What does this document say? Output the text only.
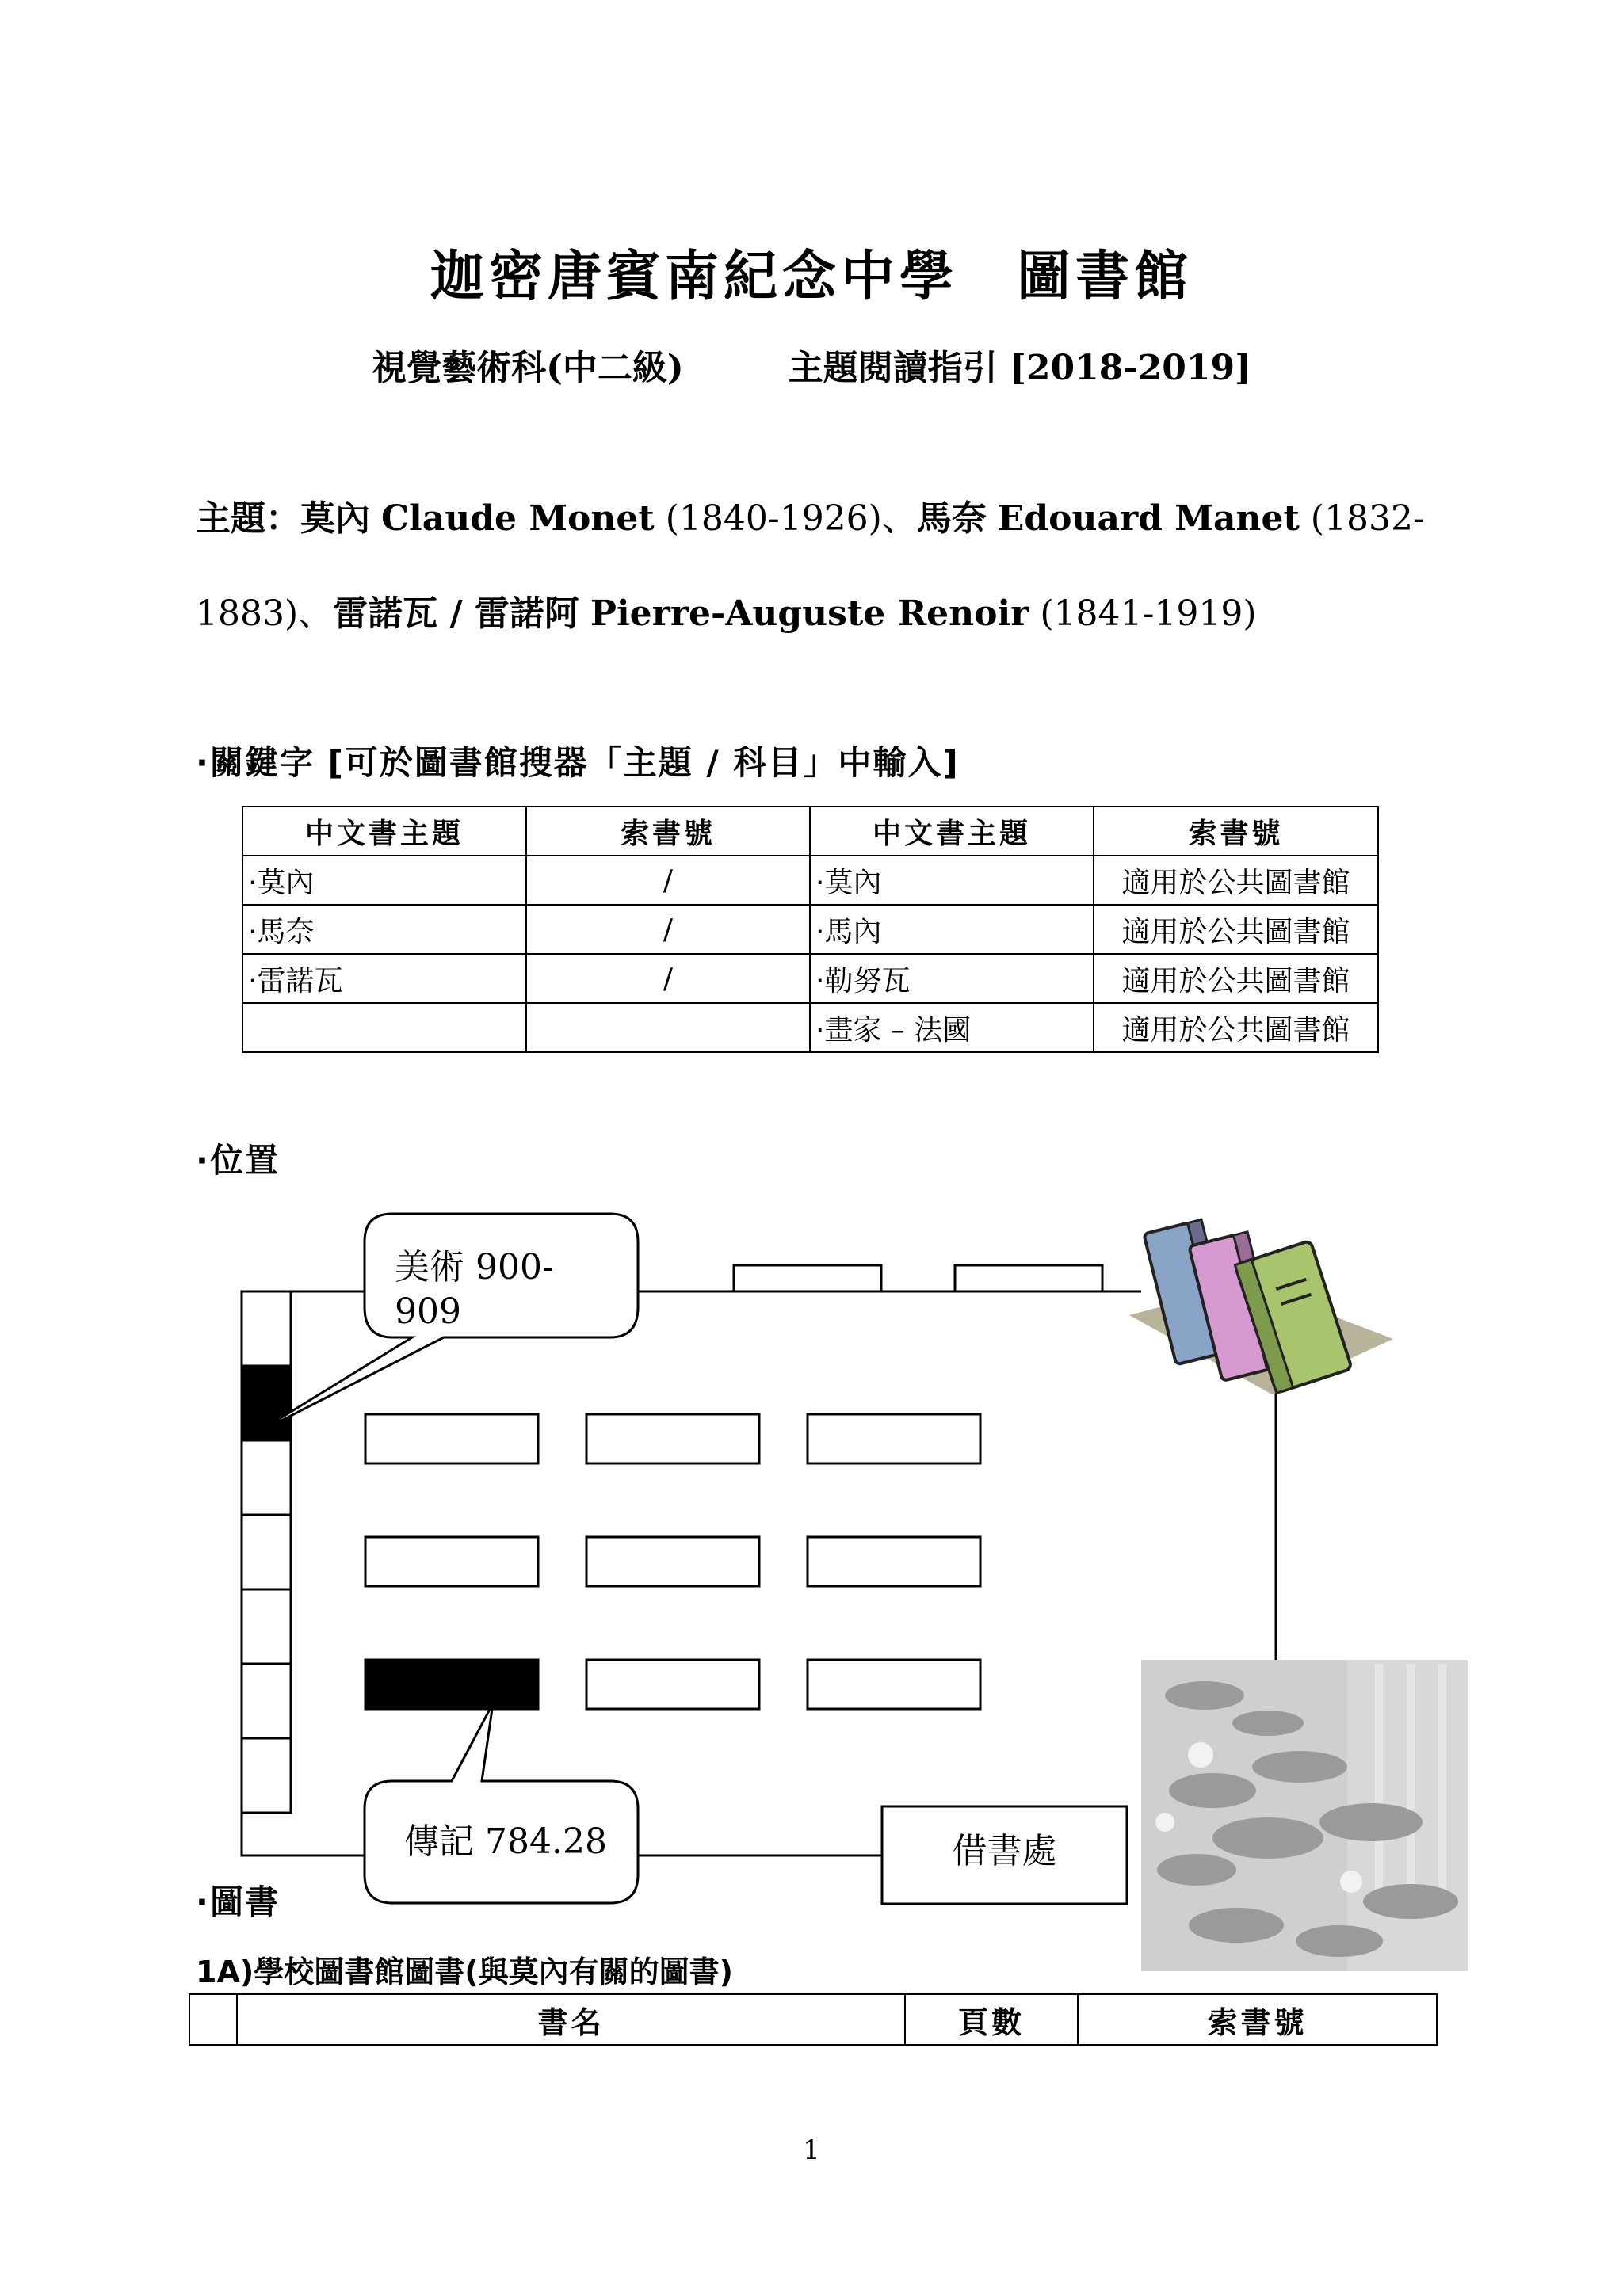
迦密唐賓南紀念中學　圖書館
視覺藝術科(中二級)　　　主題閱讀指引 [2018-2019]
主題：莫內 Claude Monet (1840-1926)、馬奈 Edouard Manet (1832-
1883)、雷諾瓦 / 雷諾阿 Pierre-Auguste Renoir (1841-1919)
·關鍵字 [可於圖書館搜器「主題 / 科目」中輸入]
中文書主題	索書號	中文書主題	索書號
·莫內	/	·莫內	適用於公共圖書館
·馬奈	/	·馬內	適用於公共圖書館
·雷諾瓦	/	·勒努瓦	適用於公共圖書館
		·畫家 – 法國	適用於公共圖書館
·位置
美術 900-
909
傳記 784.28	借書處
·圖書
1A)學校圖書館圖書(與莫內有關的圖書)
	書名	頁數	索書號
1
